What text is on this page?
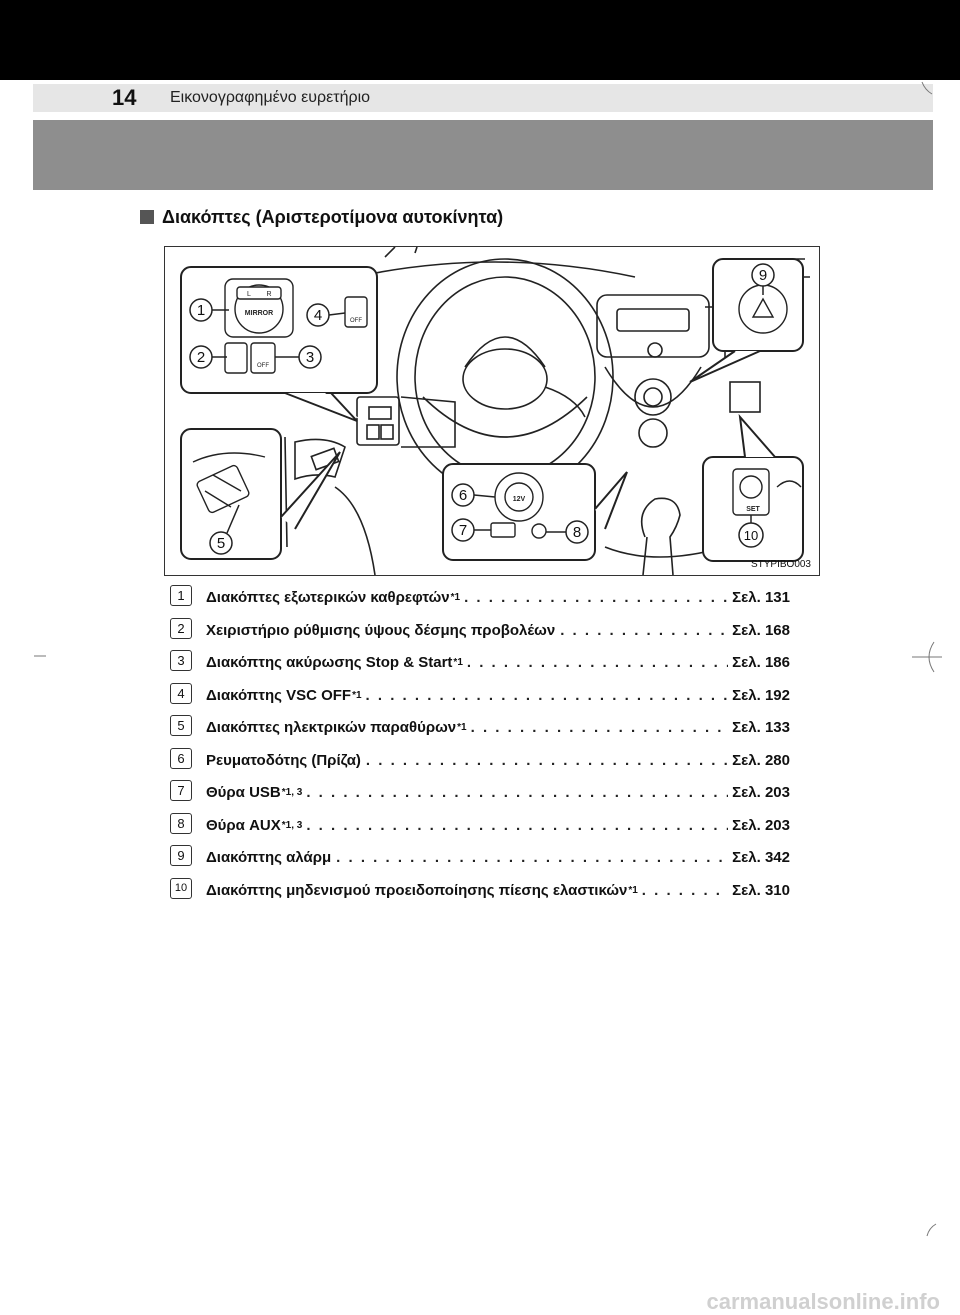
14 Εικονογραφημένο ευρετήριο
Διακόπτες (Αριστεροτίμονα αυτοκίνητα)
MIRROR
L R
OFF
OFF
12V
SET
1
2	3
4
5
6
7	8
9
10
STYPIBO003
1	Διακόπτες εξωτερικών καθρεφτών *1 . . .	Σελ. 131
2	Χειριστήριο ρύθμισης ύψους δέσμης προβολέων . . .	Σελ. 168
3	Διακόπτης ακύρωσης Stop & Start *1 . . .	Σελ. 186
4	Διακόπτης VSC OFF *1 . . .	Σελ. 192
5	Διακόπτες ηλεκτρικών παραθύρων *1 . . .	Σελ. 133
6	Ρευματοδότης (Πρίζα) . . .	Σελ. 280
7	Θύρα USB *1, 3 . . .	Σελ. 203
8	Θύρα AUX *1, 3 . . .	Σελ. 203
9	Διακόπτης αλάρμ . . .	Σελ. 342
10	Διακόπτης μηδενισμού προειδοποίησης πίεσης ελαστικών *1 . . .	Σελ. 310
carmanualsonline.info
